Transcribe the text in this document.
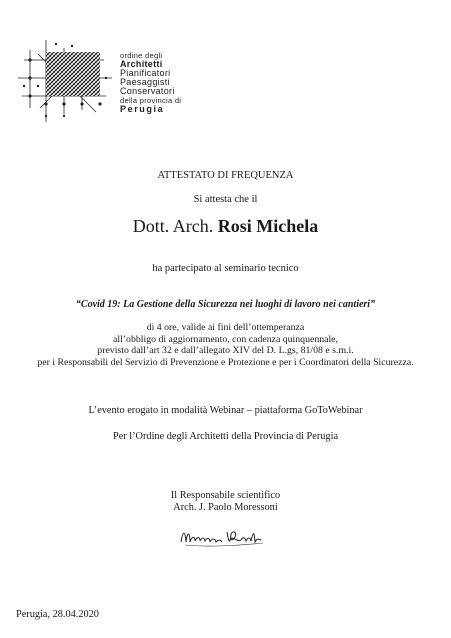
ordine degli
Architetti
Pianificatori
Paesaggisti
Conservatori
della provincia di
Perugia
ATTESTATO DI FREQUENZA
Si attesta che il
Dott. Arch. Rosi Michela
ha partecipato al seminario tecnico
“Covid 19: La Gestione della Sicurezza nei luoghi di lavoro nei cantieri”
di 4 ore, valide ai fini dell’ottemperanza
all’obbligo di aggiornamento, con cadenza quinquennale,
previsto dall’art 32 e dall’allegato XIV del D. L.gs, 81/08 e s.m.i.
per i Responsabili del Servizio di Prevenzione e Protezione e per i Coordinatori della Sicurezza.
L’evento erogato in modalità Webinar – piattaforma GoToWebinar
Per l’Ordine degli Architetti della Provincia di Perugia
Il Responsabile scientifico
Arch. J. Paolo Moressoni
Perugia, 28.04.2020
